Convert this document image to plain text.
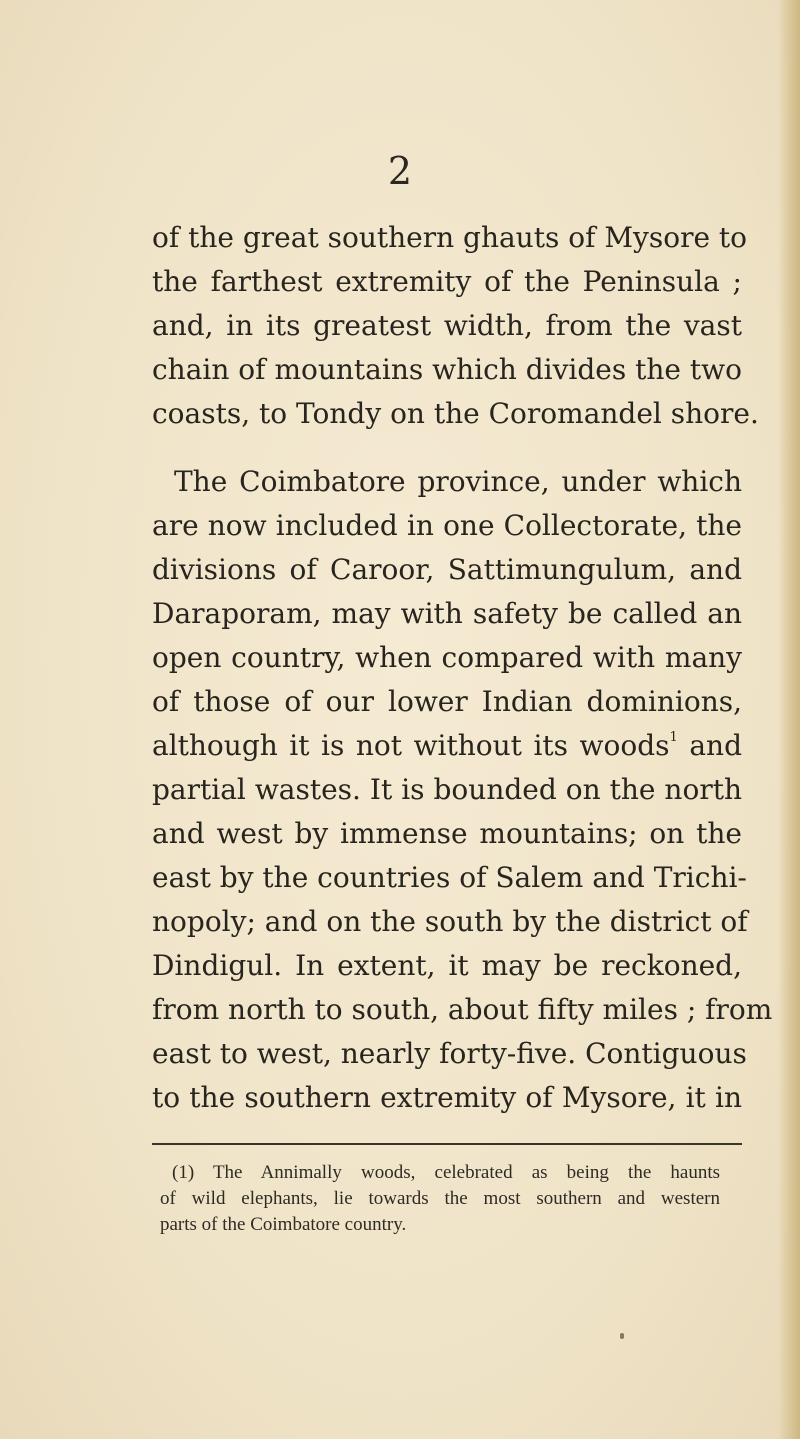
2

of the great southern ghauts of Mysore to
the farthest extremity of the Peninsula ;
and, in its greatest width, from the vast
chain of mountains which divides the two
coasts, to Tondy on the Coromandel shore.

The Coimbatore province, under which
are now included in one Collectorate, the
divisions of Caroor, Sattimungulum, and
Daraporam, may with safety be called an
open country, when compared with many
of those of our lower Indian dominions,
although it is not without its woods$^1$ and
partial wastes. It is bounded on the north
and west by immense mountains; on the
east by the countries of Salem and Trichi-
nopoly; and on the south by the district of
Dindigul. In extent, it may be reckoned,
from north to south, about fifty miles ; from
east to west, nearly forty-five. Contiguous
to the southern extremity of Mysore, it in

(1) The Annimally woods, celebrated as being the haunts
of wild elephants, lie towards the most southern and western
parts of the Coimbatore country.
